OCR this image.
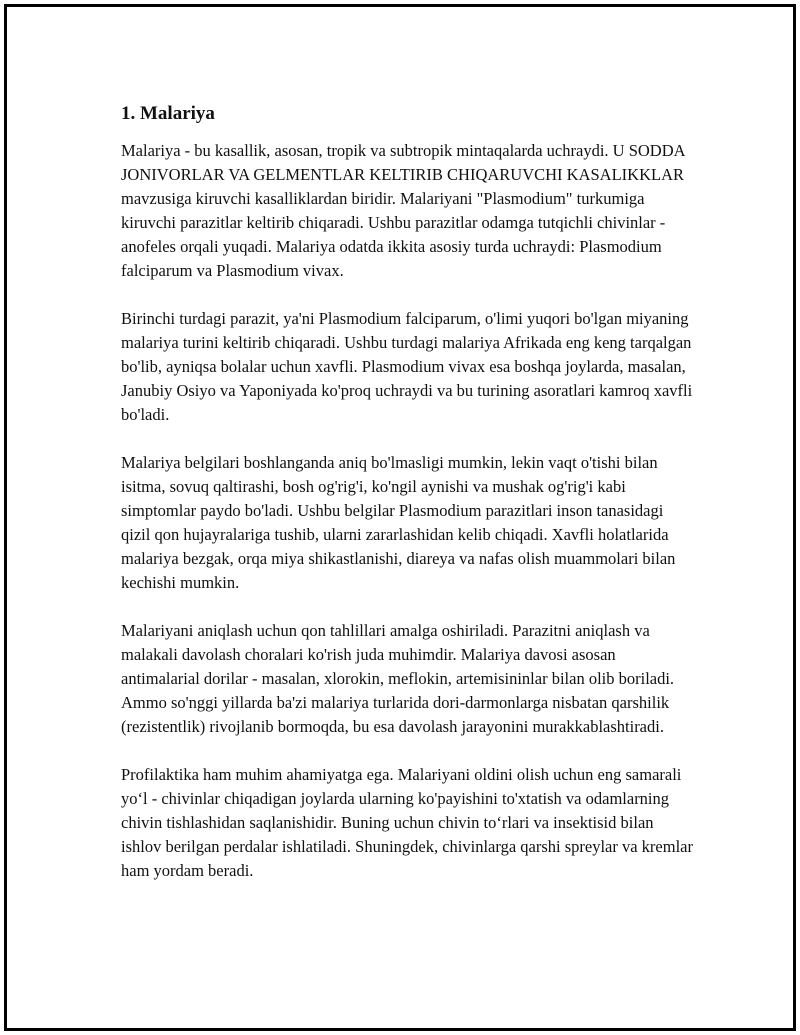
1. Malariya

Malariya - bu kasallik, asosan, tropik va subtropik mintaqalarda uchraydi. U SODDA JONIVORLAR VA GELMENTLAR KELTIRIB CHIQARUVCHI KASALIKKLAR mavzusiga kiruvchi kasalliklardan biridir. Malariyani "Plasmodium" turkumiga kiruvchi parazitlar keltirib chiqaradi. Ushbu parazitlar odamga tutqichli chivinlar - anofeles orqali yuqadi. Malariya odatda ikkita asosiy turda uchraydi: Plasmodium falciparum va Plasmodium vivax.

Birinchi turdagi parazit, ya'ni Plasmodium falciparum, o'limi yuqori bo'lgan miyaning malariya turini keltirib chiqaradi. Ushbu turdagi malariya Afrikada eng keng tarqalgan bo'lib, ayniqsa bolalar uchun xavfli. Plasmodium vivax esa boshqa joylarda, masalan, Janubiy Osiyo va Yaponiyada ko'proq uchraydi va bu turining asoratlari kamroq xavfli bo'ladi.

Malariya belgilari boshlanganda aniq bo'lmasligi mumkin, lekin vaqt o'tishi bilan isitma, sovuq qaltirashi, bosh og'rig'i, ko'ngil aynishi va mushak og'rig'i kabi simptomlar paydo bo'ladi. Ushbu belgilar Plasmodium parazitlari inson tanasidagi qizil qon hujayralariga tushib, ularni zararlashidan kelib chiqadi. Xavfli holatlarida malariya bezgak, orqa miya shikastlanishi, diareya va nafas olish muammolari bilan kechishi mumkin.

Malariyani aniqlash uchun qon tahlillari amalga oshiriladi. Parazitni aniqlash va malakali davolash choralari ko'rish juda muhimdir. Malariya davosi asosan antimalarial dorilar - masalan, xlorokin, meflokin, artemisininlar bilan olib boriladi. Ammo so'nggi yillarda ba'zi malariya turlarida dori-darmonlarga nisbatan qarshilik (rezistentlik) rivojlanib bormoqda, bu esa davolash jarayonini murakkablashtiradi.

Profilaktika ham muhim ahamiyatga ega. Malariyani oldini olish uchun eng samarali yo‘l - chivinlar chiqadigan joylarda ularning ko'payishini to'xtatish va odamlarning chivin tishlashidan saqlanishidir. Buning uchun chivin to‘rlari va insektisid bilan ishlov berilgan perdalar ishlatiladi. Shuningdek, chivinlarga qarshi spreylar va kremlar ham yordam beradi.
